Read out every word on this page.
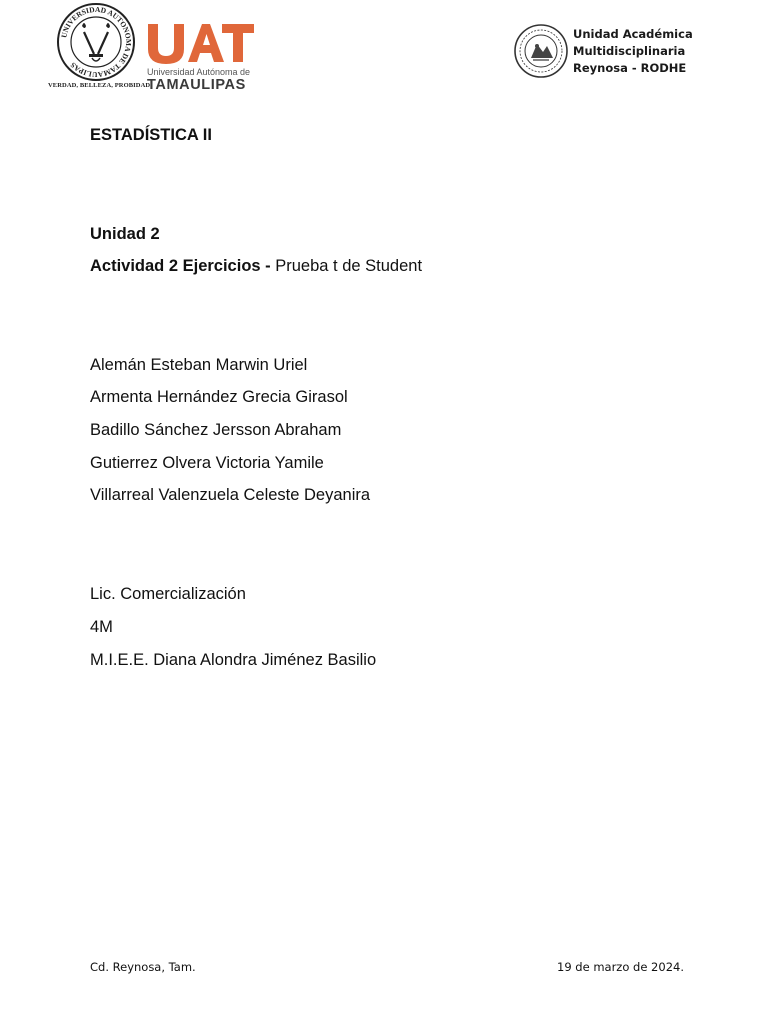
UNIVERSIDAD AUTONOMA DE TAMAULIPAS
VERDAD, BELLEZA, PROBIDAD
Universidad Autónoma de
TAMAULIPAS
Unidad Académica
Multidisciplinaria
Reynosa - RODHE
ESTADÍSTICA II
Unidad 2
Actividad 2 Ejercicios - Prueba t de Student
Alemán Esteban Marwin Uriel
Armenta Hernández Grecia Girasol
Badillo Sánchez Jersson Abraham
Gutierrez Olvera Victoria Yamile
Villarreal Valenzuela Celeste Deyanira
Lic. Comercialización
4M
M.I.E.E. Diana Alondra Jiménez Basilio
Cd. Reynosa, Tam.	19 de marzo de 2024.
